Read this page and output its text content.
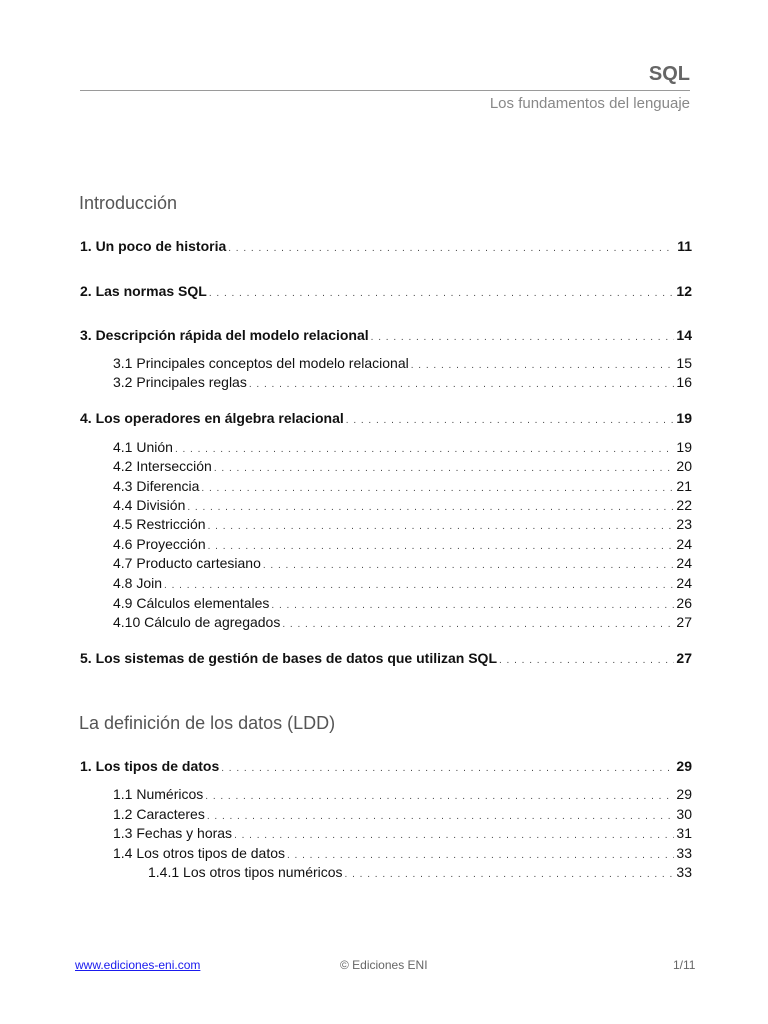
SQL
Los fundamentos del lenguaje
Introducción
1. Un poco de historia . . .	11
2. Las normas SQL . . .	12
3. Descripción rápida del modelo relacional . . .	14
3.1 Principales conceptos del modelo relacional . . .	15
3.2 Principales reglas . . .	16
4. Los operadores en álgebra relacional . . .	19
4.1 Unión . . .	19
4.2 Intersección . . .	20
4.3 Diferencia . . .	21
4.4 División . . .	22
4.5 Restricción . . .	23
4.6 Proyección . . .	24
4.7 Producto cartesiano . . .	24
4.8 Join . . .	24
4.9 Cálculos elementales . . .	26
4.10 Cálculo de agregados . . .	27
5. Los sistemas de gestión de bases de datos que utilizan SQL . . .	27
La definición de los datos (LDD)
1. Los tipos de datos . . .	29
1.1 Numéricos . . .	29
1.2 Caracteres . . .	30
1.3 Fechas y horas . . .	31
1.4 Los otros tipos de datos . . .	33
1.4.1 Los otros tipos numéricos . . .	33
www.ediciones-eni.com	© Ediciones ENI	1/11
